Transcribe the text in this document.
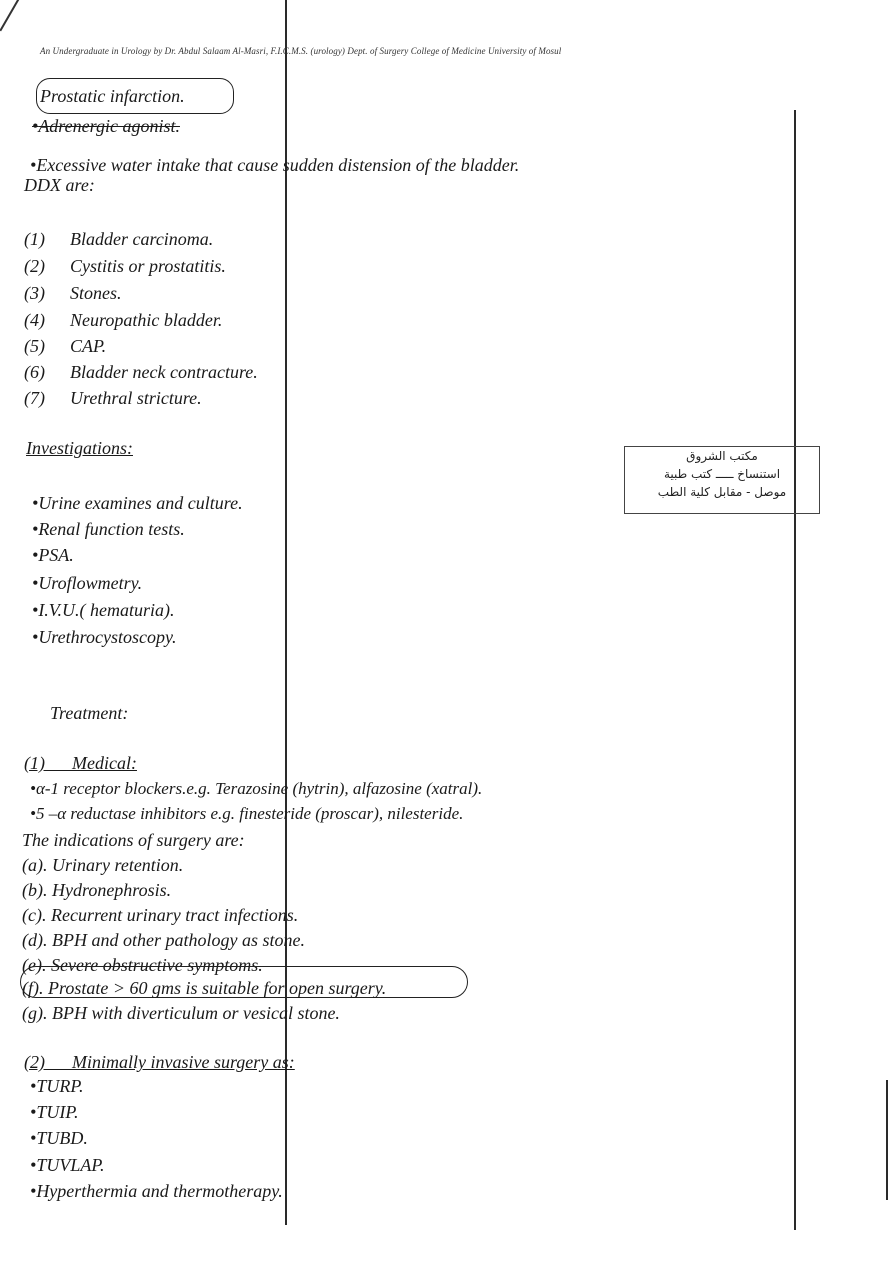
An Undergraduate in Urology by Dr. Abdul Salaam Al-Masri, F.I.C.M.S. (urology) Dept. of Surgery College of Medicine University of Mosul
Prostatic infarction.
•Adrenergic agonist.
•Excessive water intake that cause sudden distension of the bladder.
DDX are:
(1) Bladder carcinoma.
(2) Cystitis or prostatitis.
(3) Stones.
(4) Neuropathic bladder.
(5) CAP.
(6) Bladder neck contracture.
(7) Urethral stricture.
Investigations:
•Urine examines and culture.
•Renal function tests.
•PSA.
•Uroflowmetry.
•I.V.U.( hematuria).
•Urethrocystoscopy.
مكتب الشروق
استنساخ ـــــ كتب طبية
موصل - مقابل كلية الطب
Treatment:
(1)      Medical:
•α-1 receptor blockers.e.g. Terazosine (hytrin), alfazosine (xatral).
•5 –α reductase inhibitors e.g. finesteride (proscar), nilesteride.
The indications of surgery are:
(a). Urinary retention.
(b). Hydronephrosis.
(c). Recurrent urinary tract infections.
(d). BPH and other pathology as stone.
(e). Severe obstructive symptoms.
(f). Prostate > 60 gms is suitable for open surgery.
(g). BPH with diverticulum or vesical stone.
(2)      Minimally invasive surgery as:
•TURP.
•TUIP.
•TUBD.
•TUVLAP.
•Hyperthermia and thermotherapy.
